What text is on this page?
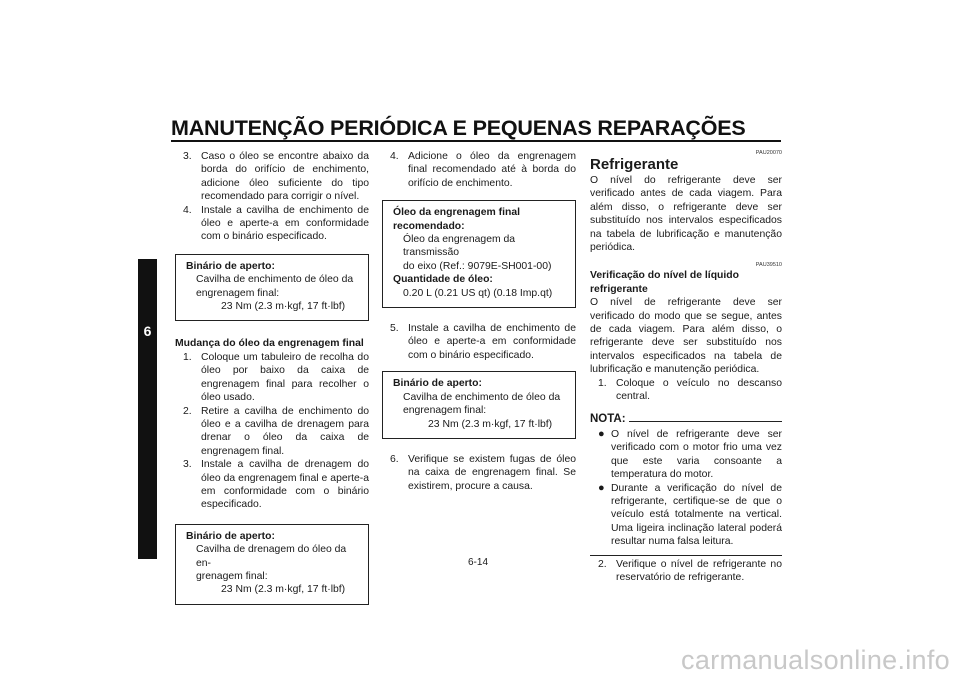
MANUTENÇÃO PERIÓDICA E PEQUENAS REPARAÇÕES
6
3. Caso o óleo se encontre abaixo da borda do orifício de enchimento, adicione óleo suficiente do tipo recomendado para corrigir o nível.
4. Instale a cavilha de enchimento de óleo e aperte-a em conformidade com o binário especificado.
Binário de aperto:
Cavilha de enchimento de óleo da
engrenagem final:
23 Nm (2.3 m·kgf, 17 ft·lbf)

Mudança do óleo da engrenagem final

1. Coloque um tabuleiro de recolha do óleo por baixo da caixa de engrenagem final para recolher o óleo usado.
2. Retire a cavilha de enchimento do óleo e a cavilha de drenagem para drenar o óleo da caixa de engrenagem final.
3. Instale a cavilha de drenagem do óleo da engrenagem final e aperte-a em conformidade com o binário especificado.
Binário de aperto:
Cavilha de drenagem do óleo da en-
grenagem final:
23 Nm (2.3 m·kgf, 17 ft·lbf)
4. Adicione o óleo da engrenagem final recomendado até à borda do orifício de enchimento.
Óleo da engrenagem final recomendado:
Óleo da engrenagem da transmissão
do eixo (Ref.: 9079E-SH001-00)
Quantidade de óleo:
0.20 L (0.21 US qt) (0.18 Imp.qt)
5. Instale a cavilha de enchimento de óleo e aperte-a em conformidade com o binário especificado.
Binário de aperto:
Cavilha de enchimento de óleo da
engrenagem final:
23 Nm (2.3 m·kgf, 17 ft·lbf)
6. Verifique se existem fugas de óleo na caixa de engrenagem final. Se existirem, procure a causa.
PAU20070
Refrigerante

O nível do refrigerante deve ser verificado antes de cada viagem. Para além disso, o refrigerante deve ser substituído nos intervalos especificados na tabela de lubrificação e manutenção periódica.

PAU39510

Verificação do nível de líquido refrigerante

O nível de refrigerante deve ser verificado do modo que se segue, antes de cada viagem. Para além disso, o refrigerante deve ser substituído nos intervalos especificados na tabela de lubrificação e manutenção periódica.

1. Coloque o veículo no descanso central.
NOTA:
● O nível de refrigerante deve ser verificado com o motor frio uma vez que este varia consoante a temperatura do motor.
● Durante a verificação do nível de refrigerante, certifique-se de que o veículo está totalmente na vertical. Uma ligeira inclinação lateral poderá resultar numa falsa leitura.
2. Verifique o nível de refrigerante no reservatório de refrigerante.
6-14
carmanualsonline.info
